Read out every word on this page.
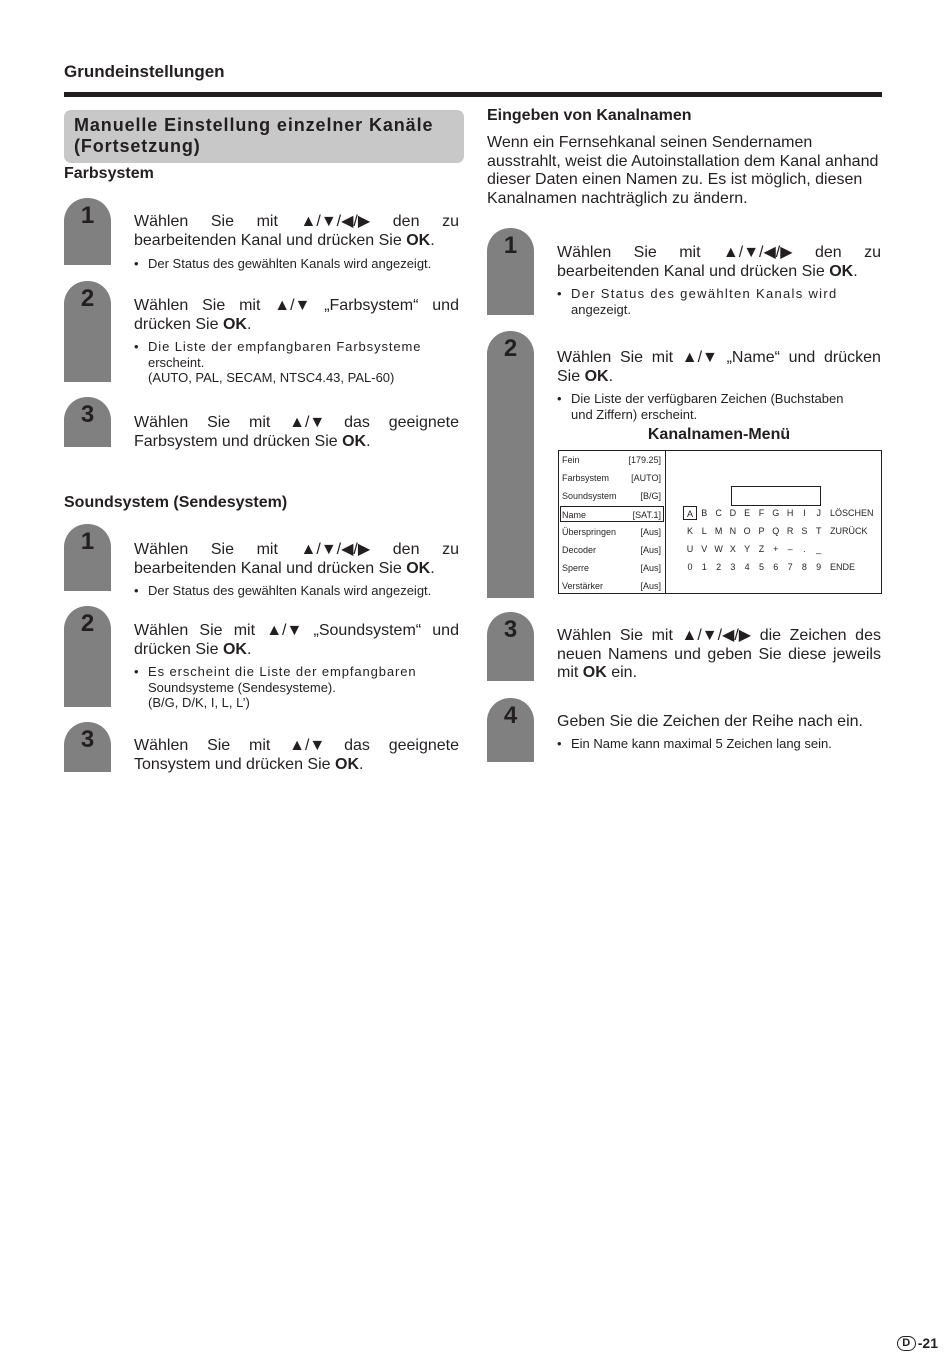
Grundeinstellungen
Manuelle Einstellung einzelner Kanäle
(Fortsetzung)
Farbsystem
1	Wählen Sie mit ▲/▼/◀/▶ den zu
bearbeitenden Kanal und drücken Sie OK.
• Der Status des gewählten Kanals wird angezeigt.
2	Wählen Sie mit ▲/▼ „Farbsystem“ und
drücken Sie OK.
• Die Liste der empfangbaren Farbsysteme
erscheint.
(AUTO, PAL, SECAM, NTSC4.43, PAL-60)
3	Wählen Sie mit ▲/▼ das geeignete
Farbsystem und drücken Sie OK.
Soundsystem (Sendesystem)
1	Wählen Sie mit ▲/▼/◀/▶ den zu
bearbeitenden Kanal und drücken Sie OK.
• Der Status des gewählten Kanals wird angezeigt.
2	Wählen Sie mit ▲/▼ „Soundsystem“ und
drücken Sie OK.
• Es erscheint die Liste der empfangbaren
Soundsysteme (Sendesysteme).
(B/G, D/K, I, L, L’)
3	Wählen Sie mit ▲/▼ das geeignete
Tonsystem und drücken Sie OK.
Eingeben von Kanalnamen
Wenn ein Fernsehkanal seinen Sendernamen
ausstrahlt, weist die Autoinstallation dem Kanal anhand
dieser Daten einen Namen zu. Es ist möglich, diesen
Kanalnamen nachträglich zu ändern.
1	Wählen Sie mit ▲/▼/◀/▶ den zu
bearbeitenden Kanal und drücken Sie OK.
• Der Status des gewählten Kanals wird
angezeigt.
2	Wählen Sie mit ▲/▼ „Name“ und drücken
Sie OK.
• Die Liste der verfügbaren Zeichen (Buchstaben
und Ziffern) erscheint.
3	Wählen Sie mit ▲/▼/◀/▶ die Zeichen des
neuen Namens und geben Sie diese jeweils
mit OK ein.
4	Geben Sie die Zeichen der Reihe nach ein.
• Ein Name kann maximal 5 Zeichen lang sein.
Kanalnamen-Menü
Fein	[179.25]
Farbsystem [AUTO]
Soundsystem	[B/G]
Name	[SAT.1]
Überspringen	[Aus]
Decoder	[Aus]
Sperre	[Aus]
Verstärker	[Aus]
A B C D E F G H	I	J	LÖSCHEN
K L M N O P Q R S T ZURÜCK
U V W X Y Z +	–	.	_
0	1	2	3	4	5	6	7	8	9 ENDE
D -21
